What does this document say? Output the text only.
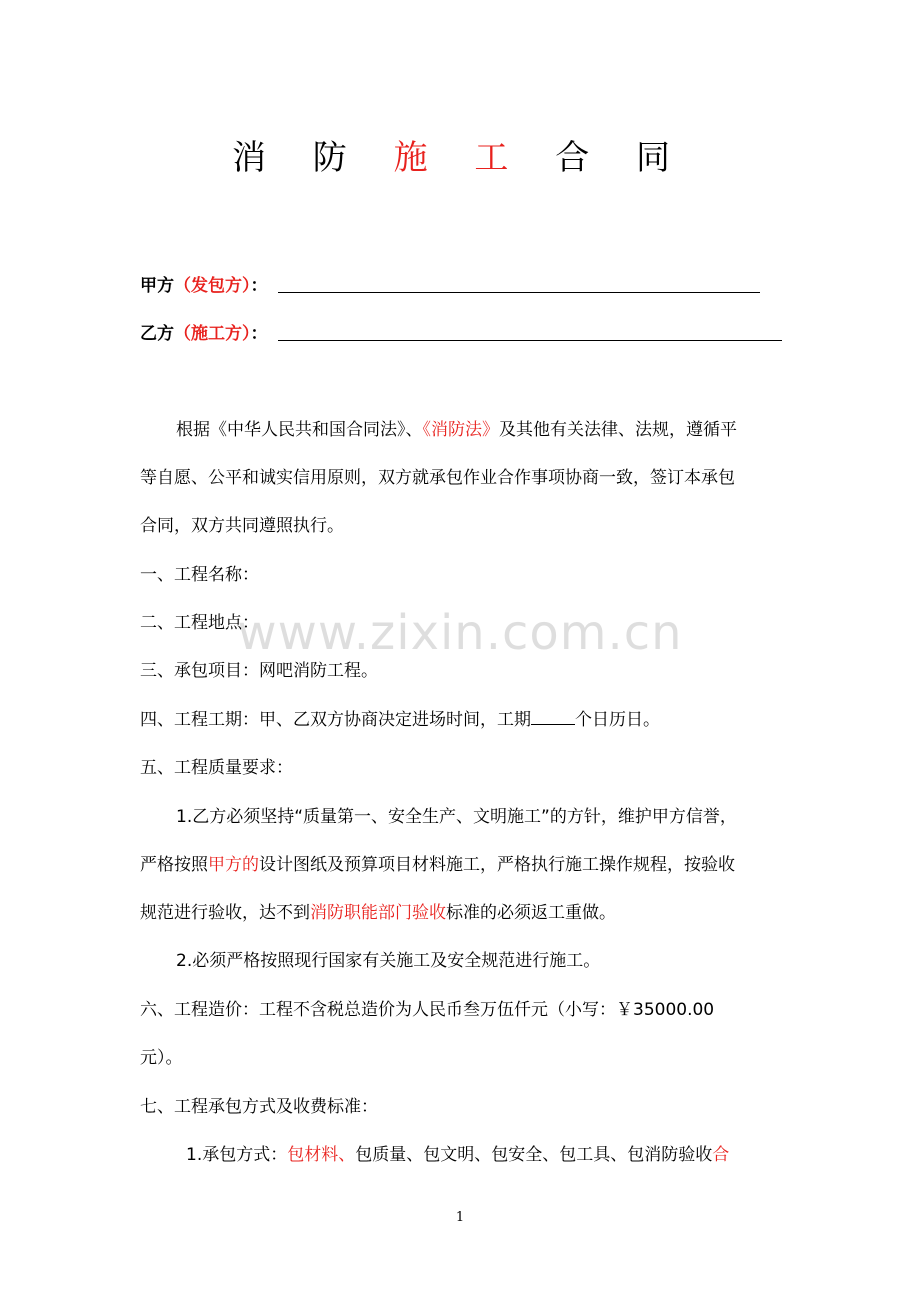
消 防 施 工 合 同
甲方（发包方）：
乙方（施工方）：
根据《中华人民共和国合同法》、《消防法》及其他有关法律、法规，遵循平
等自愿、公平和诚实信用原则，双方就承包作业合作事项协商一致，签订本承包
合同，双方共同遵照执行。
一、工程名称：
二、工程地点：
三、承包项目：网吧消防工程。
四、工程工期：甲、乙双方协商决定进场时间，工期	个日历日。
五、工程质量要求：
1.乙方必须坚持“质量第一、安全生产、文明施工”的方针，维护甲方信誉，
严格按照甲方的设计图纸及预算项目材料施工，严格执行施工操作规程，按验收
规范进行验收，达不到消防职能部门验收标准的必须返工重做。
2.必须严格按照现行国家有关施工及安全规范进行施工。
六、工程造价：工程不含税总造价为人民币叁万伍仟元（小写：￥35000.00
元）。
七、工程承包方式及收费标准：
1.承包方式：包材料、包质量、包文明、包安全、包工具、包消防验收合
www.zixin.com.cn
1
